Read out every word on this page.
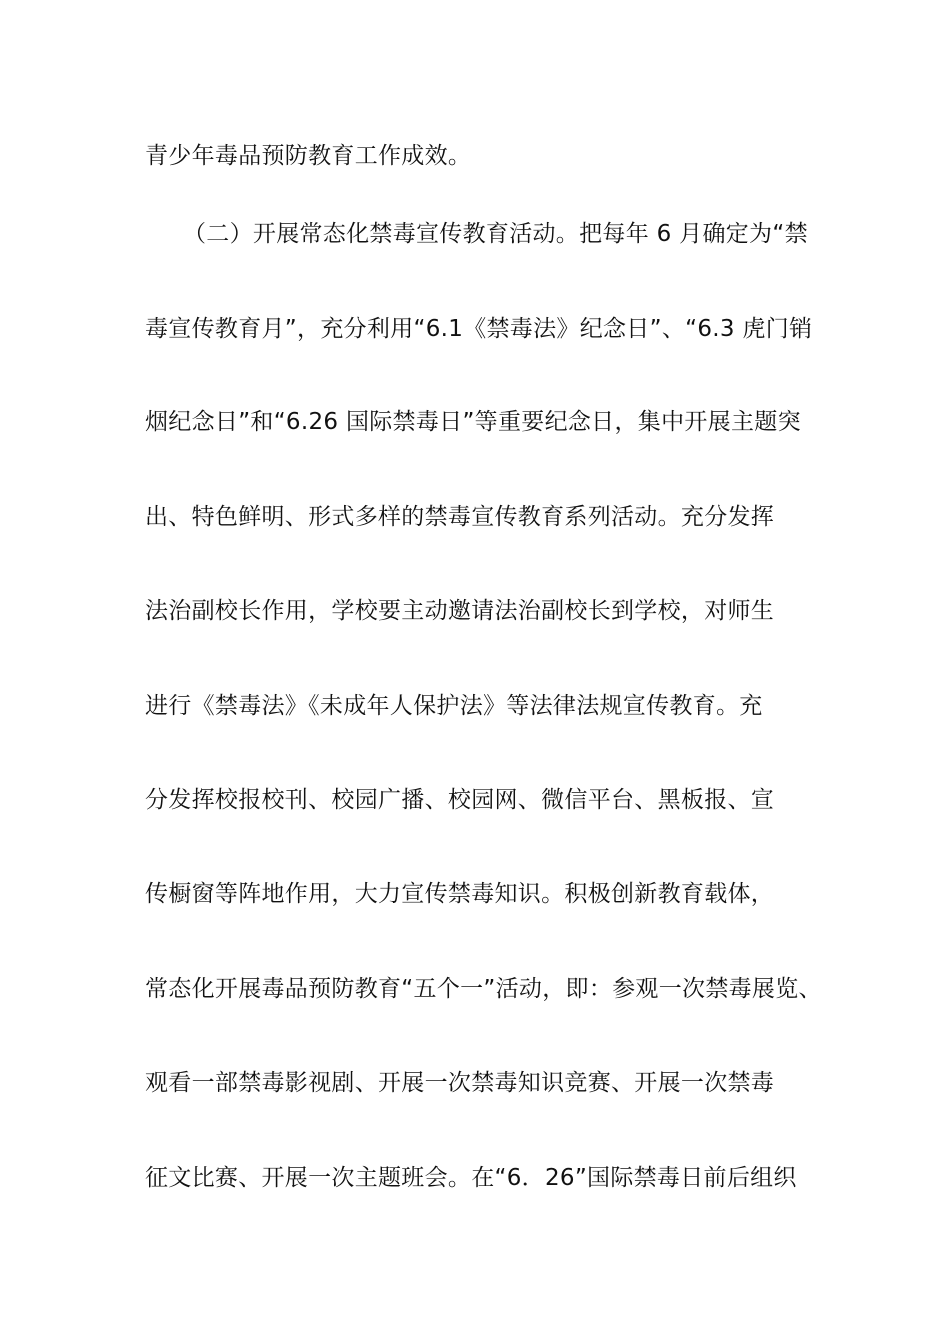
青少年毒品预防教育工作成效。
（二）开展常态化禁毒宣传教育活动。把每年 6 月确定为“禁
毒宣传教育月”，充分利用“6.1《禁毒法》纪念日”、“6.3 虎门销
烟纪念日”和“6.26 国际禁毒日”等重要纪念日，集中开展主题突
出、特色鲜明、形式多样的禁毒宣传教育系列活动。充分发挥
法治副校长作用，学校要主动邀请法治副校长到学校，对师生
进行《禁毒法》《未成年人保护法》等法律法规宣传教育。充
分发挥校报校刊、校园广播、校园网、微信平台、黑板报、宣
传橱窗等阵地作用，大力宣传禁毒知识。积极创新教育载体，
常态化开展毒品预防教育“五个一”活动，即：参观一次禁毒展览、
观看一部禁毒影视剧、开展一次禁毒知识竞赛、开展一次禁毒
征文比赛、开展一次主题班会。在“6．26”国际禁毒日前后组织
